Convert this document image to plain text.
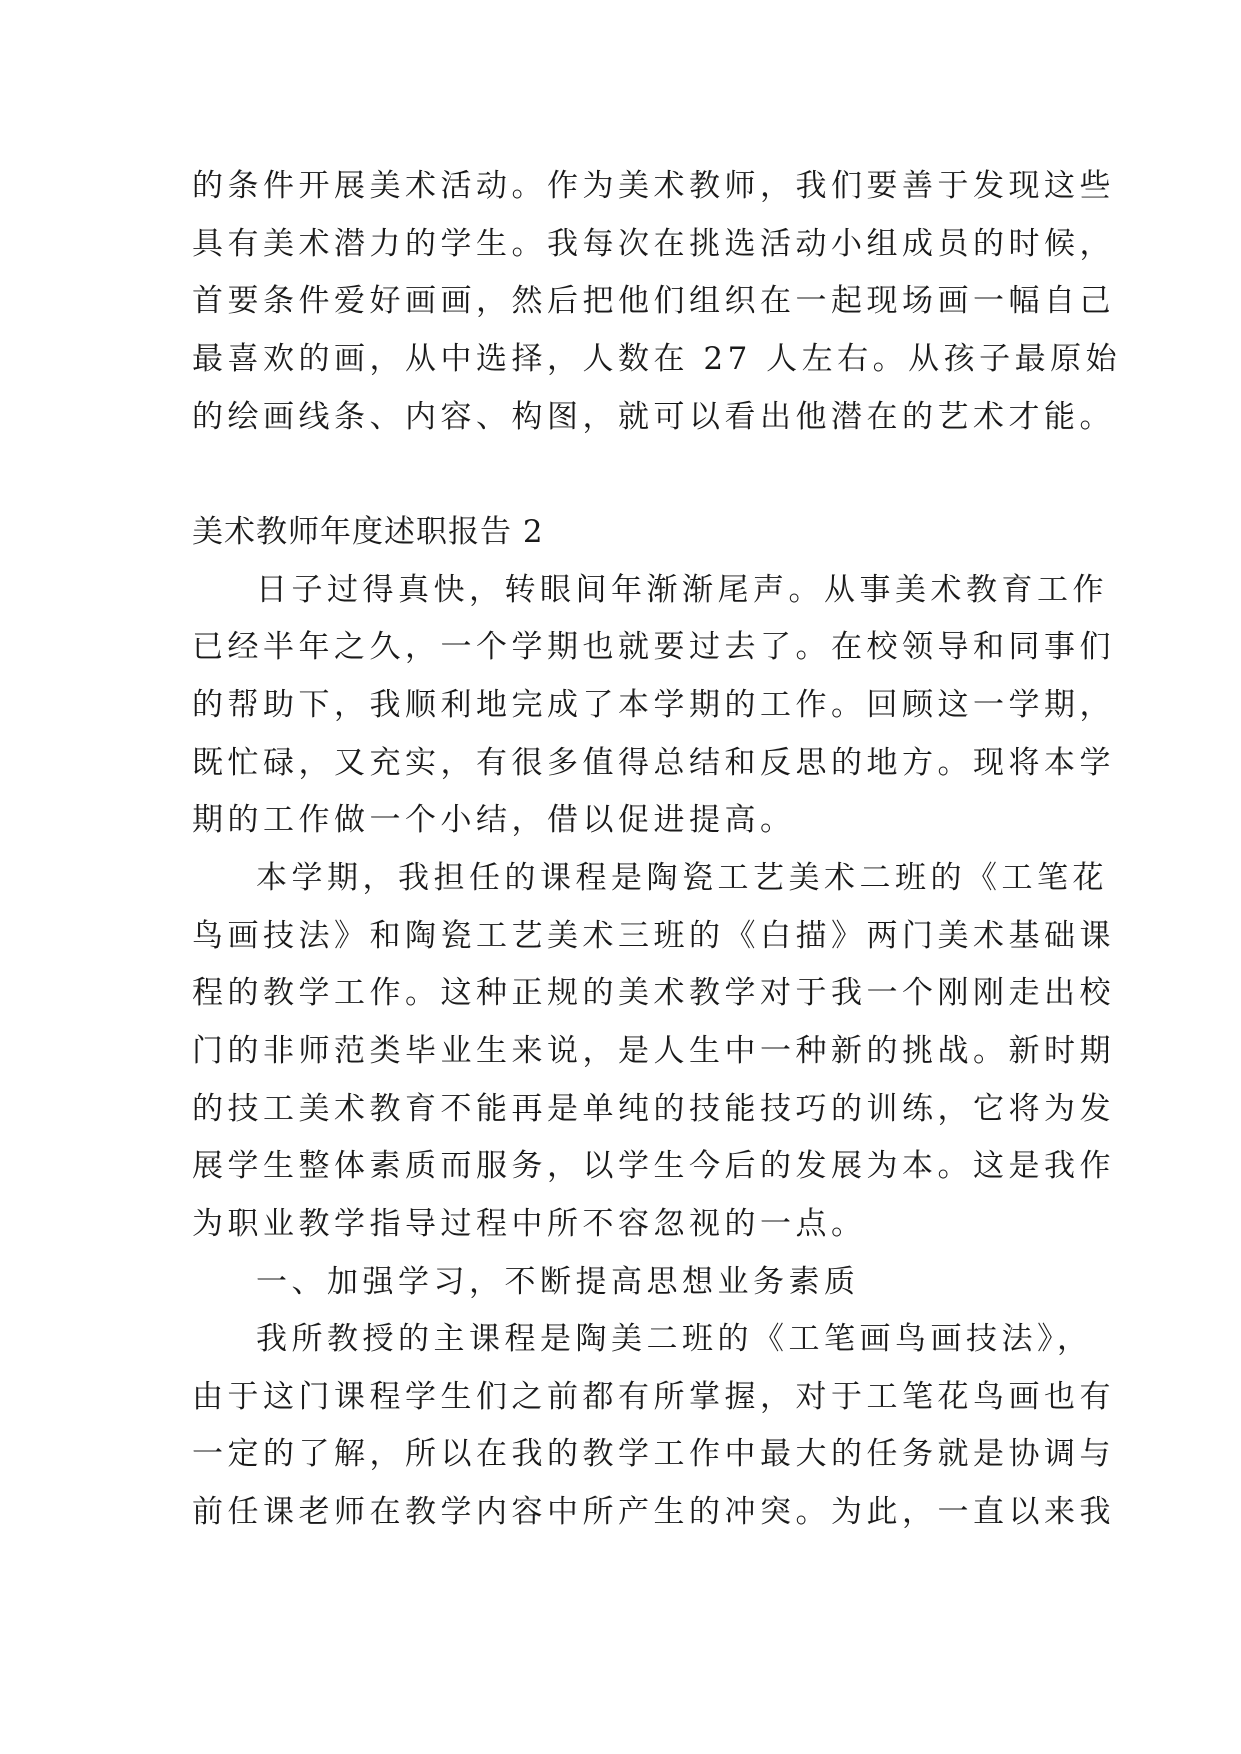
的条件开展美术活动。作为美术教师，我们要善于发现这些
具有美术潜力的学生。我每次在挑选活动小组成员的时候，
首要条件爱好画画，然后把他们组织在一起现场画一幅自己
最喜欢的画，从中选择，人数在 27 人左右。从孩子最原始
的绘画线条、内容、构图，就可以看出他潜在的艺术才能。
美术教师年度述职报告 2
日子过得真快，转眼间年渐渐尾声。从事美术教育工作
已经半年之久，一个学期也就要过去了。在校领导和同事们
的帮助下，我顺利地完成了本学期的工作。回顾这一学期，
既忙碌，又充实，有很多值得总结和反思的地方。现将本学
期的工作做一个小结，借以促进提高。
本学期，我担任的课程是陶瓷工艺美术二班的《工笔花
鸟画技法》和陶瓷工艺美术三班的《白描》两门美术基础课
程的教学工作。这种正规的美术教学对于我一个刚刚走出校
门的非师范类毕业生来说，是人生中一种新的挑战。新时期
的技工美术教育不能再是单纯的技能技巧的训练，它将为发
展学生整体素质而服务，以学生今后的发展为本。这是我作
为职业教学指导过程中所不容忽视的一点。
一、加强学习，不断提高思想业务素质
我所教授的主课程是陶美二班的《工笔画鸟画技法》，
由于这门课程学生们之前都有所掌握，对于工笔花鸟画也有
一定的了解，所以在我的教学工作中最大的任务就是协调与
前任课老师在教学内容中所产生的冲突。为此，一直以来我
